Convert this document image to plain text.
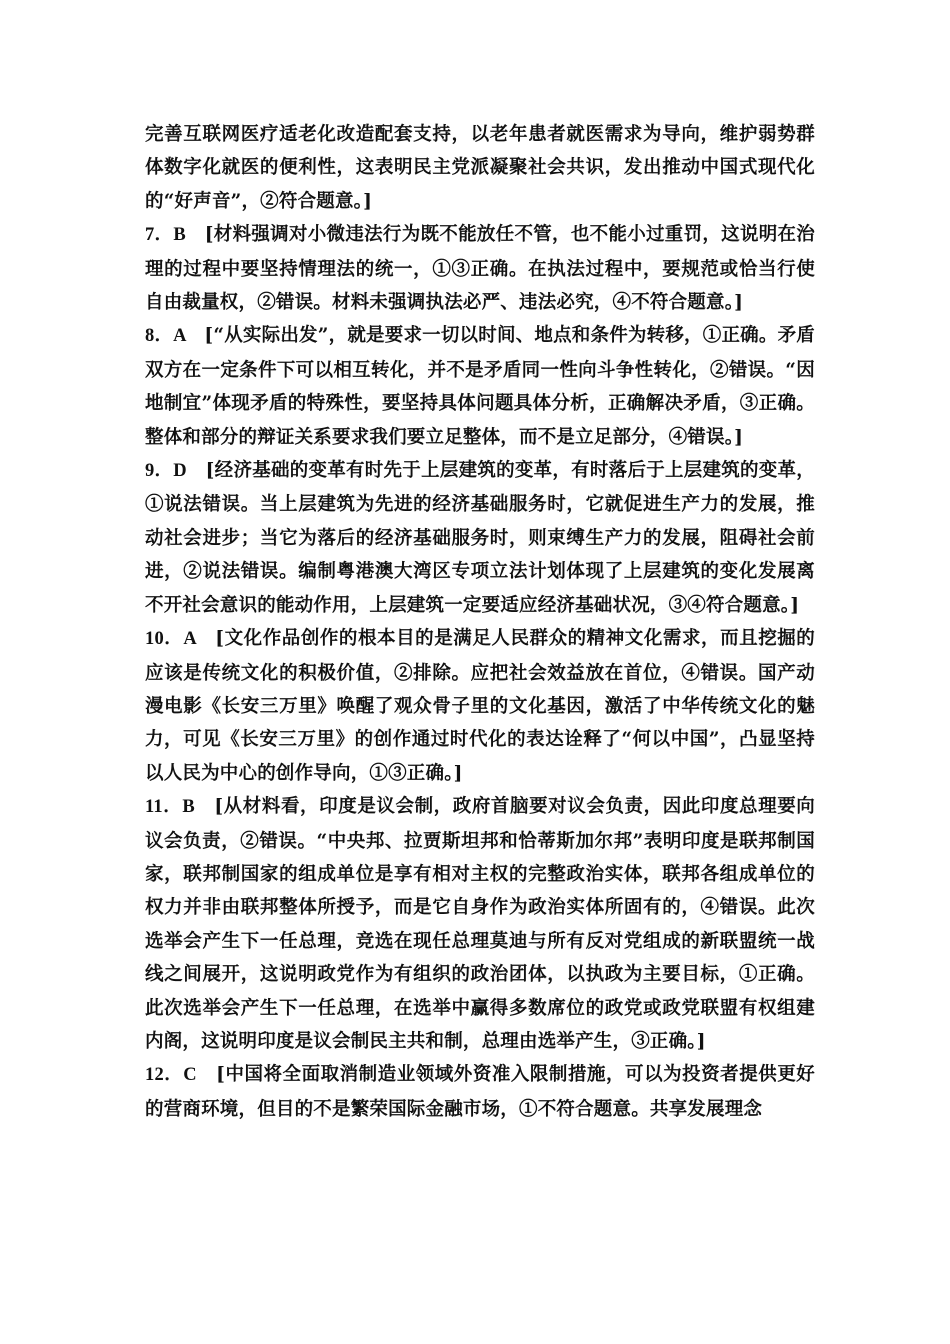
完善互联网医疗适老化改造配套支持，以老年患者就医需求为导向，维护弱势群体数字化就医的便利性，这表明民主党派凝聚社会共识，发出推动中国式现代化的“好声音”，②符合题意。]

7．B　[材料强调对小微违法行为既不能放任不管，也不能小过重罚，这说明在治理的过程中要坚持情理法的统一，①③正确。在执法过程中，要规范或恰当行使自由裁量权，②错误。材料未强调执法必严、违法必究，④不符合题意。]

8．A　[“从实际出发”，就是要求一切以时间、地点和条件为转移，①正确。矛盾双方在一定条件下可以相互转化，并不是矛盾同一性向斗争性转化，②错误。“因地制宜”体现矛盾的特殊性，要坚持具体问题具体分析，正确解决矛盾，③正确。整体和部分的辩证关系要求我们要立足整体，而不是立足部分，④错误。]

9．D　[经济基础的变革有时先于上层建筑的变革，有时落后于上层建筑的变革，①说法错误。当上层建筑为先进的经济基础服务时，它就促进生产力的发展，推动社会进步；当它为落后的经济基础服务时，则束缚生产力的发展，阻碍社会前进，②说法错误。编制粤港澳大湾区专项立法计划体现了上层建筑的变化发展离不开社会意识的能动作用，上层建筑一定要适应经济基础状况，③④符合题意。]

10．A　[文化作品创作的根本目的是满足人民群众的精神文化需求，而且挖掘的应该是传统文化的积极价值，②排除。应把社会效益放在首位，④错误。国产动漫电影《长安三万里》唤醒了观众骨子里的文化基因，激活了中华传统文化的魅力，可见《长安三万里》的创作通过时代化的表达诠释了“何以中国”，凸显坚持以人民为中心的创作导向，①③正确。]

11．B　[从材料看，印度是议会制，政府首脑要对议会负责，因此印度总理要向议会负责，②错误。“中央邦、拉贾斯坦邦和恰蒂斯加尔邦”表明印度是联邦制国家，联邦制国家的组成单位是享有相对主权的完整政治实体，联邦各组成单位的权力并非由联邦整体所授予，而是它自身作为政治实体所固有的，④错误。此次选举会产生下一任总理，竞选在现任总理莫迪与所有反对党组成的新联盟统一战线之间展开，这说明政党作为有组织的政治团体，以执政为主要目标，①正确。此次选举会产生下一任总理，在选举中赢得多数席位的政党或政党联盟有权组建内阁，这说明印度是议会制民主共和制，总理由选举产生，③正确。]

12．C　[中国将全面取消制造业领域外资准入限制措施，可以为投资者提供更好的营商环境，但目的不是繁荣国际金融市场，①不符合题意。共享发展理念
